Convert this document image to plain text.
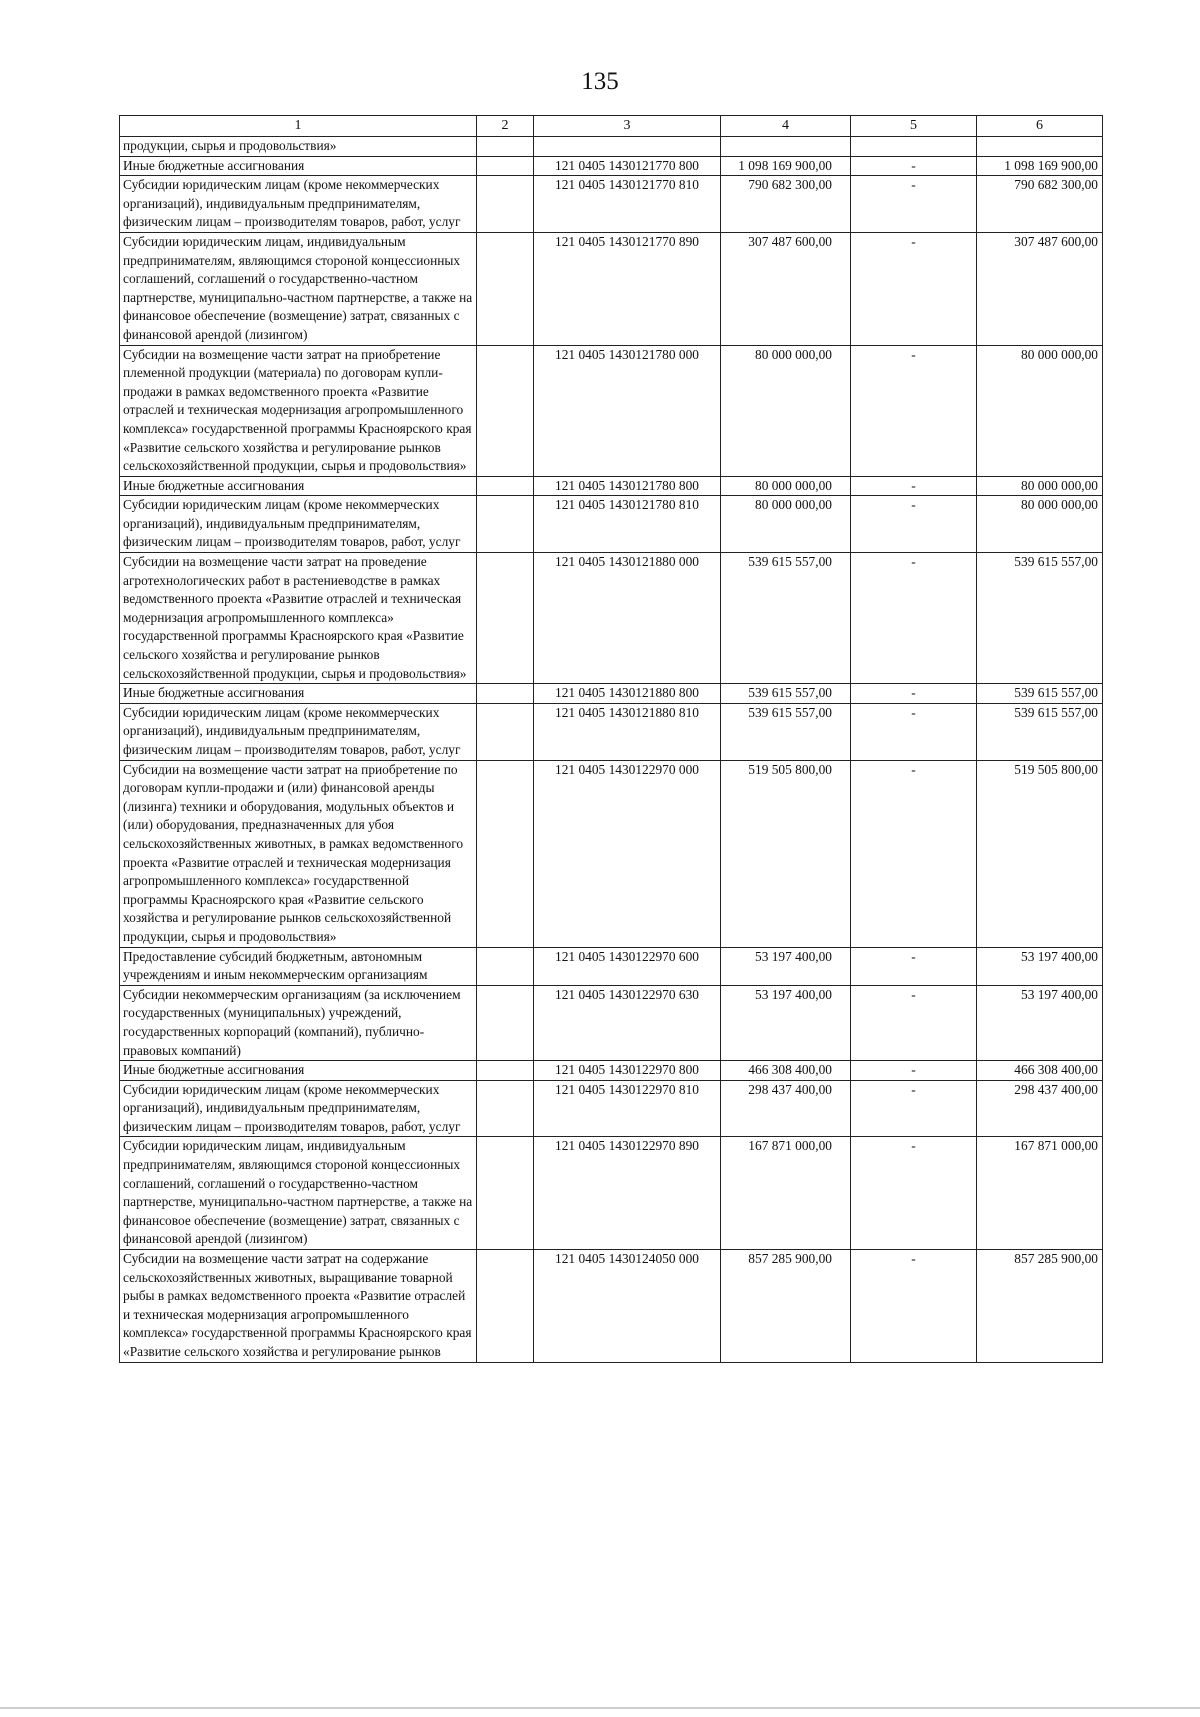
135
1	2	3	4	5	6
продукции, сырья и продовольствия»					
Иные бюджетные ассигнования		121 0405 1430121770 800	1 098 169 900,00	-	1 098 169 900,00
Субсидии юридическим лицам (кроме некоммерческих организаций), индивидуальным предпринимателям, физическим лицам – производителям товаров, работ, услуг		121 0405 1430121770 810	790 682 300,00	-	790 682 300,00
Субсидии юридическим лицам, индивидуальным предпринимателям, являющимся стороной концессионных соглашений, соглашений о государственно-частном партнерстве, муниципально-частном партнерстве, а также на финансовое обеспечение (возмещение) затрат, связанных с финансовой арендой (лизингом)		121 0405 1430121770 890	307 487 600,00	-	307 487 600,00
Субсидии на возмещение части затрат на приобретение племенной продукции (материала) по договорам купли-продажи в рамках ведомственного проекта «Развитие отраслей и техническая модернизация агропромышленного комплекса» государственной программы Красноярского края «Развитие сельского хозяйства и регулирование рынков сельскохозяйственной продукции, сырья и продовольствия»		121 0405 1430121780 000	80 000 000,00	-	80 000 000,00
Иные бюджетные ассигнования		121 0405 1430121780 800	80 000 000,00	-	80 000 000,00
Субсидии юридическим лицам (кроме некоммерческих организаций), индивидуальным предпринимателям, физическим лицам – производителям товаров, работ, услуг		121 0405 1430121780 810	80 000 000,00	-	80 000 000,00
Субсидии на возмещение части затрат на проведение агротехнологических работ в растениеводстве в рамках ведомственного проекта «Развитие отраслей и техническая модернизация агропромышленного комплекса» государственной программы Красноярского края «Развитие сельского хозяйства и регулирование рынков сельскохозяйственной продукции, сырья и продовольствия»		121 0405 1430121880 000	539 615 557,00	-	539 615 557,00
Иные бюджетные ассигнования		121 0405 1430121880 800	539 615 557,00	-	539 615 557,00
Субсидии юридическим лицам (кроме некоммерческих организаций), индивидуальным предпринимателям, физическим лицам – производителям товаров, работ, услуг		121 0405 1430121880 810	539 615 557,00	-	539 615 557,00
Субсидии на возмещение части затрат на приобретение по договорам купли-продажи и (или) финансовой аренды (лизинга) техники и оборудования, модульных объектов и (или) оборудования, предназначенных для убоя сельскохозяйственных животных, в рамках ведомственного проекта «Развитие отраслей и техническая модернизация агропромышленного комплекса» государственной программы Красноярского края «Развитие сельского хозяйства и регулирование рынков сельскохозяйственной продукции, сырья и продовольствия»		121 0405 1430122970 000	519 505 800,00	-	519 505 800,00
Предоставление субсидий бюджетным, автономным учреждениям и иным некоммерческим организациям		121 0405 1430122970 600	53 197 400,00	-	53 197 400,00
Субсидии некоммерческим организациям (за исключением государственных (муниципальных) учреждений, государственных корпораций (компаний), публично-правовых компаний)		121 0405 1430122970 630	53 197 400,00	-	53 197 400,00
Иные бюджетные ассигнования		121 0405 1430122970 800	466 308 400,00	-	466 308 400,00
Субсидии юридическим лицам (кроме некоммерческих организаций), индивидуальным предпринимателям, физическим лицам – производителям товаров, работ, услуг		121 0405 1430122970 810	298 437 400,00	-	298 437 400,00
Субсидии юридическим лицам, индивидуальным предпринимателям, являющимся стороной концессионных соглашений, соглашений о государственно-частном партнерстве, муниципально-частном партнерстве, а также на финансовое обеспечение (возмещение) затрат, связанных с финансовой арендой (лизингом)		121 0405 1430122970 890	167 871 000,00	-	167 871 000,00
Субсидии на возмещение части затрат на содержание сельскохозяйственных животных, выращивание товарной рыбы в рамках ведомственного проекта «Развитие отраслей и техническая модернизация агропромышленного комплекса» государственной программы Красноярского края «Развитие сельского хозяйства и регулирование рынков		121 0405 1430124050 000	857 285 900,00	-	857 285 900,00
